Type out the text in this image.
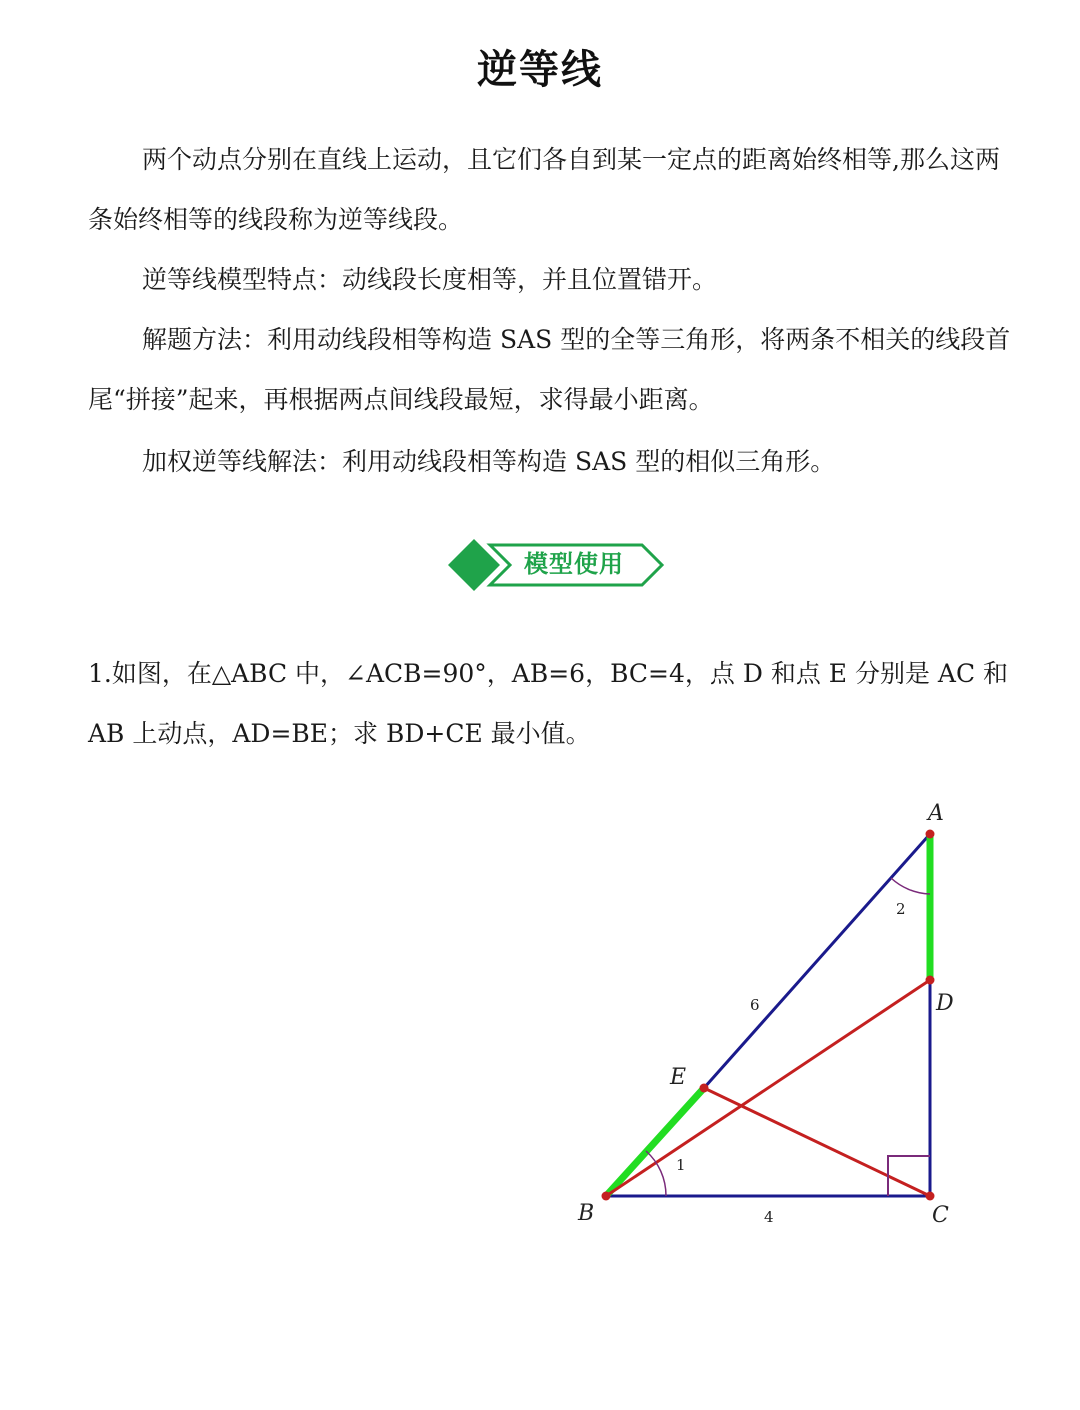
逆等线

两个动点分别在直线上运动，且它们各自到某一定点的距离始终相等,那么这两条始终相等的线段称为逆等线段。

逆等线模型特点：动线段长度相等，并且位置错开。

解题方法：利用动线段相等构造 SAS 型的全等三角形，将两条不相关的线段首尾“拼接”起来，再根据两点间线段最短，求得最小距离。

加权逆等线解法：利用动线段相等构造 SAS 型的相似三角形。

模型使用

1.如图，在△ABC 中，∠ACB=90°，AB=6，BC=4，点 D 和点 E 分别是 AC 和 AB 上动点，AD=BE；求 BD+CE 最小值。

A
D
E
B	C
6
4
1
2
